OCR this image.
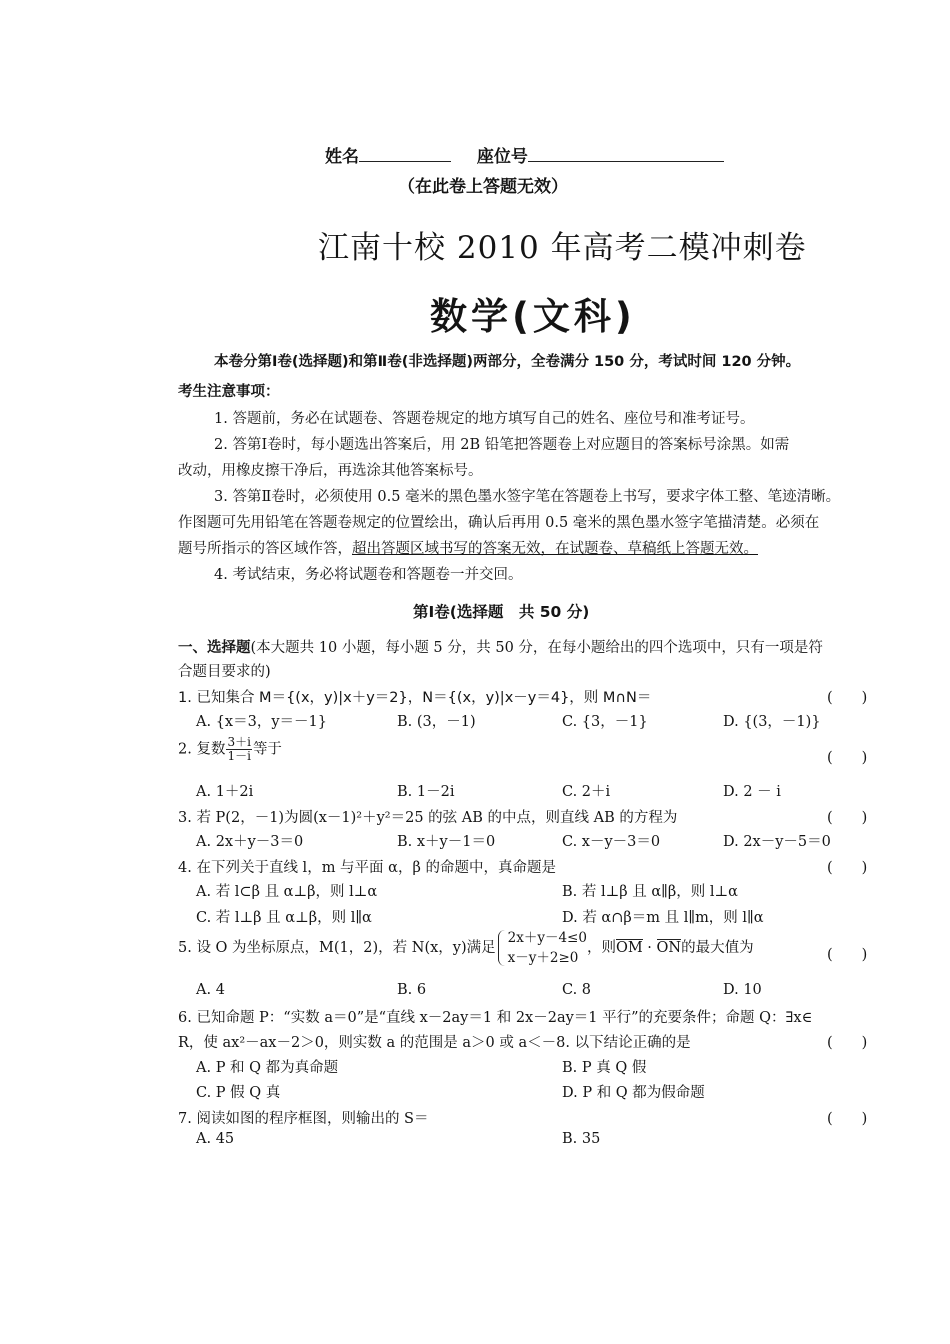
姓名	座位号
（在此卷上答题无效）
江南十校 2010 年高考二模冲刺卷
数学(文科)
本卷分第Ⅰ卷(选择题)和第Ⅱ卷(非选择题)两部分，全卷满分 150 分，考试时间 120 分钟。
考生注意事项：
1. 答题前，务必在试题卷、答题卷规定的地方填写自己的姓名、座位号和准考证号。
2. 答第Ⅰ卷时，每小题选出答案后，用 2B 铅笔把答题卷上对应题目的答案标号涂黑。如需
改动，用橡皮擦干净后，再选涂其他答案标号。
3. 答第Ⅱ卷时，必须使用 0.5 毫米的黑色墨水签字笔在答题卷上书写，要求字体工整、笔迹清晰。
作图题可先用铅笔在答题卷规定的位置绘出，确认后再用 0.5 毫米的黑色墨水签字笔描清楚。必须在
题号所指示的答区域作答，超出答题区域书写的答案无效，在试题卷、草稿纸上答题无效。
4. 考试结束，务必将试题卷和答题卷一并交回。
第Ⅰ卷(选择题　共 50 分)
一、选择题(本大题共 10 小题，每小题 5 分，共 50 分，在每小题给出的四个选项中，只有一项是符
合题目要求的)
1. 已知集合 M＝{(x，y)|x＋y＝2}，N＝{(x，y)|x－y＝4}，则 M∩N＝	(　　)
A. {x＝3，y＝－1}	B. (3，－1)	C. {3，－1}	D. {(3，－1)}
2. 复数 $\frac{3+i}{1-i}$ 等于
(　　)
A. 1＋2i	B. 1－2i	C. 2＋i	D. 2 － i
3. 若 P(2，－1)为圆(x－1)²＋y²＝25 的弦 AB 的中点，则直线 AB 的方程为	(　　)
A. 2x＋y－3＝0	B. x＋y－1＝0	C. x－y－3＝0	D. 2x－y－5＝0
4. 在下列关于直线 l，m 与平面 α，β 的命题中，真命题是	(　　)
A. 若 l⊂β 且 α⊥β，则 l⊥α	B. 若 l⊥β 且 α∥β，则 l⊥α
C. 若 l⊥β 且 α⊥β，则 l∥α	D. 若 α∩β＝m 且 l∥m，则 l∥α
5. 设 O 为坐标原点，M(1，2)，若 N(x，y)满足
2x＋y－4≤0
x－y＋2≥0
，则OM · ON的最大值为	(　　)
A. 4	B. 6	C. 8	D. 10
6. 已知命题 P：“实数 a＝0”是“直线 x－2ay＝1 和 2x－2ay＝1 平行”的充要条件；命题 Q：∃x∈
R，使 ax²－ax－2＞0，则实数 a 的范围是 a＞0 或 a＜－8. 以下结论正确的是	(　　)
A. P 和 Q 都为真命题	B. P 真 Q 假
C. P 假 Q 真	D. P 和 Q 都为假命题
7. 阅读如图的程序框图，则输出的 S＝	(　　)
A. 45	B. 35
